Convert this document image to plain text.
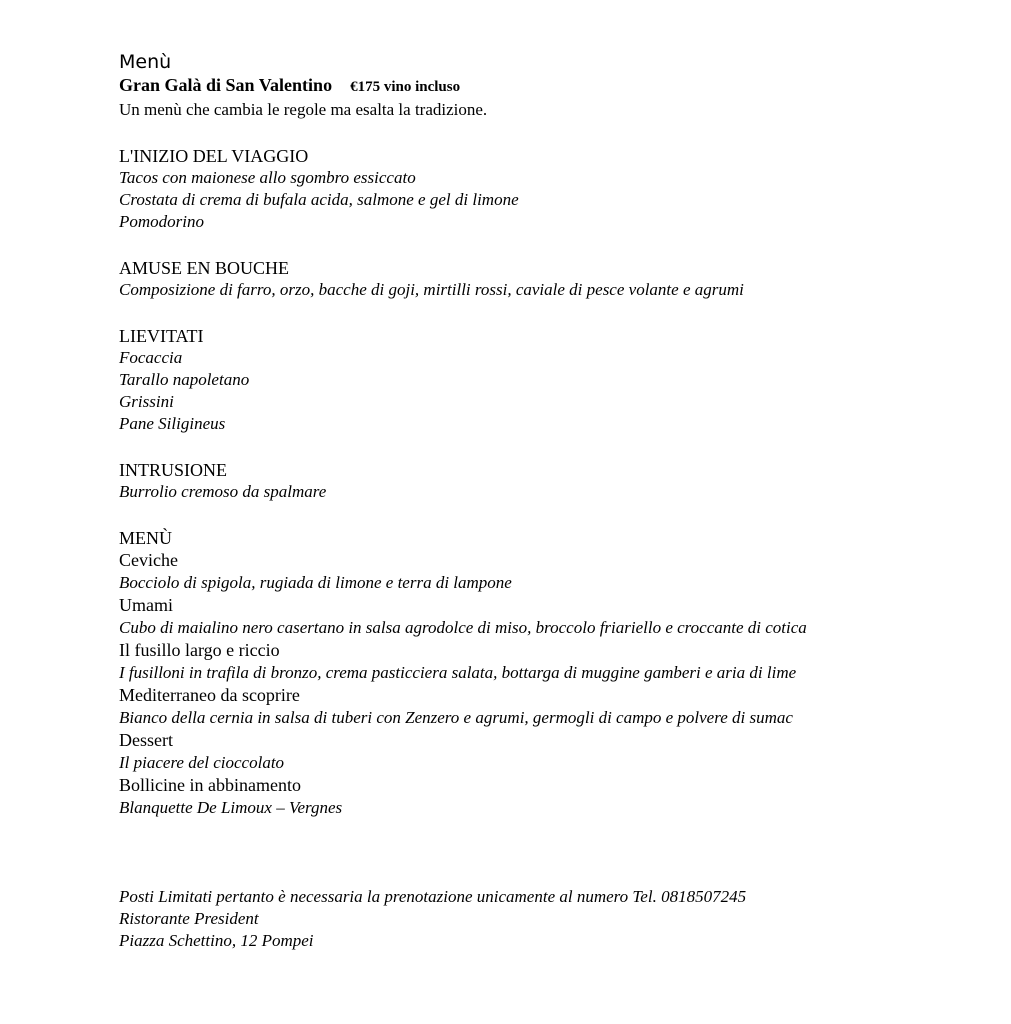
Menù

Gran Galà di San Valentino €175 vino incluso

Un menù che cambia le regole ma esalta la tradizione.

L'INIZIO DEL VIAGGIO

Tacos con maionese allo sgombro essiccato

Crostata di crema di bufala acida, salmone e gel di limone

Pomodorino

AMUSE EN BOUCHE

Composizione di farro, orzo, bacche di goji, mirtilli rossi, caviale di pesce volante e agrumi

LIEVITATI

Focaccia

Tarallo napoletano

Grissini

Pane Siligineus

INTRUSIONE

Burrolio cremoso da spalmare

MENÙ

Ceviche

Bocciolo di spigola, rugiada di limone e terra di lampone

Umami

Cubo di maialino nero casertano in salsa agrodolce di miso, broccolo friariello e croccante di cotica

Il fusillo largo e riccio

I fusilloni in trafila di bronzo, crema pasticciera salata, bottarga di muggine gamberi e aria di lime

Mediterraneo da scoprire

Bianco della cernia in salsa di tuberi con Zenzero e agrumi, germogli di campo e polvere di sumac

Dessert

Il piacere del cioccolato

Bollicine in abbinamento

Blanquette De Limoux – Vergnes

Posti Limitati pertanto è necessaria la prenotazione unicamente al numero Tel. 0818507245

Ristorante President

Piazza Schettino, 12 Pompei
